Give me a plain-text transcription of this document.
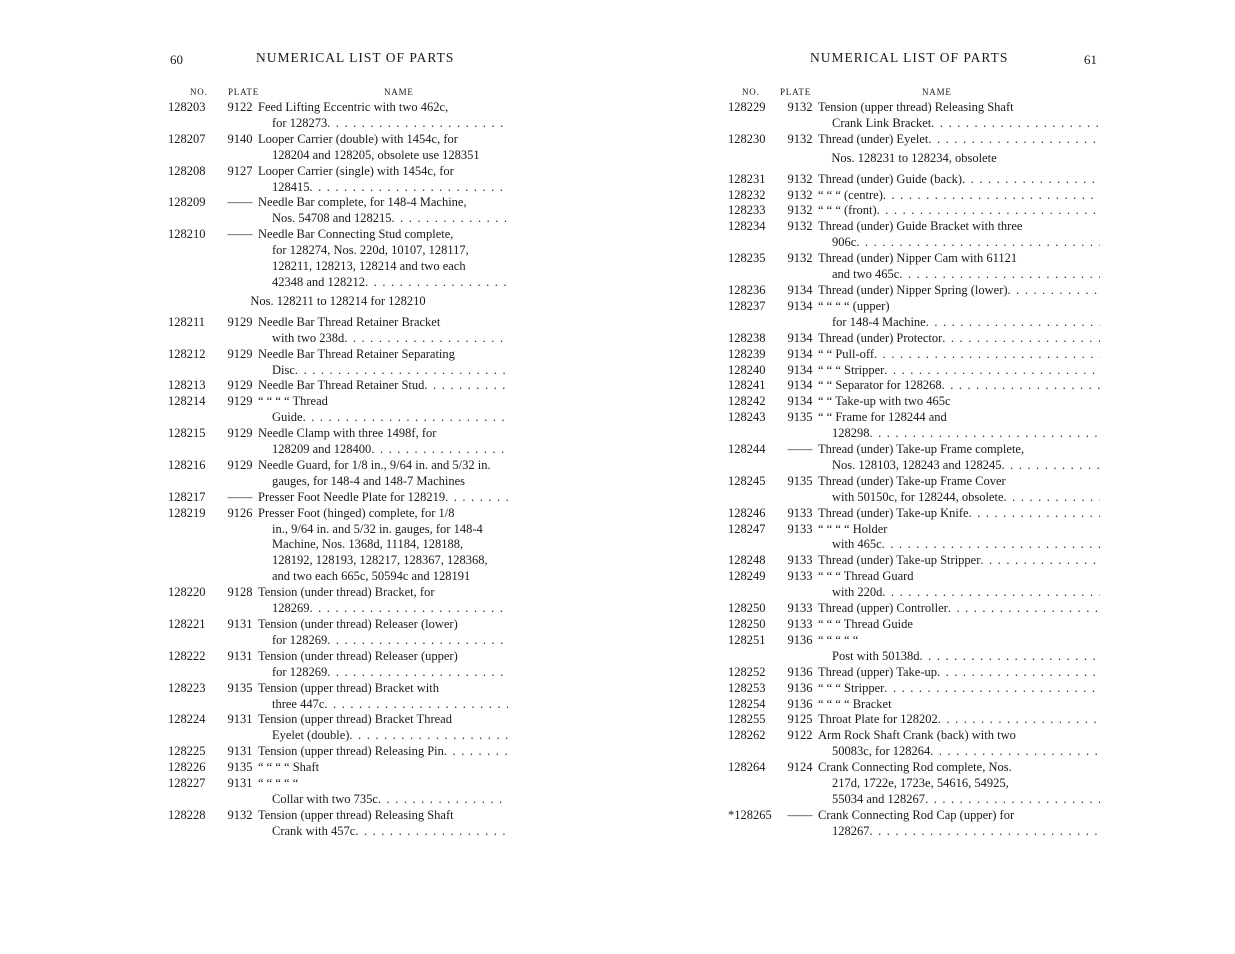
60	NUMERICAL LIST OF PARTS
NO. PLATE	NAME
128203	9122 Feed Lifting Eccentric with two 462c,
for 128273
. . .
128207	9140 Looper Carrier (double) with 1454c, for
128204 and 128205, obsolete use 128351
128208	9127 Looper Carrier (single) with 1454c, for
128415
. . .
128209	—— Needle Bar complete, for 148-4 Machine,
Nos. 54708 and 128215
. . .
128210	—— Needle Bar Connecting Stud complete,
for 128274, Nos. 220d, 10107, 128117,
128211, 128213, 128214 and two each
42348 and 128212
. . .
Nos. 128211 to 128214 for 128210
128211	9129 Needle Bar Thread Retainer Bracket
with two 238d
. . .
128212	9129 Needle Bar Thread Retainer Separating
Disc
. . .
128213	9129 Needle Bar Thread Retainer Stud
. . .
128214	9129 “ “ “ “ Thread
Guide
. . .
128215	9129 Needle Clamp with three 1498f, for
128209 and 128400
. . .
128216	9129 Needle Guard, for 1/8 in., 9/64 in. and 5/32 in.
gauges, for 148-4 and 148-7 Machines
128217	—— Presser Foot Needle Plate for 128219
. . .
128219	9126 Presser Foot (hinged) complete, for 1/8
in., 9/64 in. and 5/32 in. gauges, for 148-4
Machine, Nos. 1368d, 11184, 128188,
128192, 128193, 128217, 128367, 128368,
and two each 665c, 50594c and 128191
128220	9128 Tension (under thread) Bracket, for
128269
. . .
128221	9131 Tension (under thread) Releaser (lower)
for 128269
. . .
128222	9131 Tension (under thread) Releaser (upper)
for 128269
. . .
128223	9135 Tension (upper thread) Bracket with
three 447c
. . .
128224	9131 Tension (upper thread) Bracket Thread
Eyelet (double)
. . .
128225	9131 Tension (upper thread) Releasing Pin
. . .
128226	9135 “ “ “ “ Shaft
128227	9131 “ “ “ “ “
Collar with two 735c
. . .
128228	9132 Tension (upper thread) Releasing Shaft
Crank with 457c
. . .
61
NUMERICAL LIST OF PARTS
NO. PLATE	NAME
128229	9132 Tension (upper thread) Releasing Shaft
Crank Link Bracket
. . .
128230	9132 Thread (under) Eyelet
. . .
Nos. 128231 to 128234, obsolete
128231	9132 Thread (under) Guide (back)
. . .
128232	9132 “ “ “ (centre)
. . .
128233	9132 “ “ “ (front)
. . .
128234	9132 Thread (under) Guide Bracket with three
906c
. . .
128235	9132 Thread (under) Nipper Cam with 61121
and two 465c
. . .
128236	9134 Thread (under) Nipper Spring (lower)
. . .
128237	9134 “ “ “ “ (upper)
for 148-4 Machine
. . .
128238	9134 Thread (under) Protector
. . .
128239	9134 “ “ Pull-off
. . .
128240	9134 “ “ “ Stripper
. . .
128241	9134 “ “ Separator for 128268
. . .
128242	9134 “ “ Take-up with two 465c
128243	9135 “ “ Frame for 128244 and
128298
. . .
128244	—— Thread (under) Take-up Frame complete,
Nos. 128103, 128243 and 128245
. . .
128245	9135 Thread (under) Take-up Frame Cover
with 50150c, for 128244, obsolete
. . .
128246	9133 Thread (under) Take-up Knife
. . .
128247	9133 “ “ “ “ Holder
with 465c
. . .
128248	9133 Thread (under) Take-up Stripper
. . .
128249	9133 “ “ “ Thread Guard
with 220d
. . .
128250	9133 Thread (upper) Controller
. . .
128250	9133 “ “ “ Thread Guide
128251	9136 “ “ “ “ “
Post with 50138d
. . .
128252	9136 Thread (upper) Take-up
. . .
128253	9136 “ “ “ Stripper
. . .
128254	9136 “ “ “ “ Bracket
128255	9125 Throat Plate for 128202
. . .
128262	9122 Arm Rock Shaft Crank (back) with two
50083c, for 128264
. . .
128264	9124 Crank Connecting Rod complete, Nos.
217d, 1722e, 1723e, 54616, 54925,
55034 and 128267
. . .
*128265	—— Crank Connecting Rod Cap (upper) for
128267
. . .
